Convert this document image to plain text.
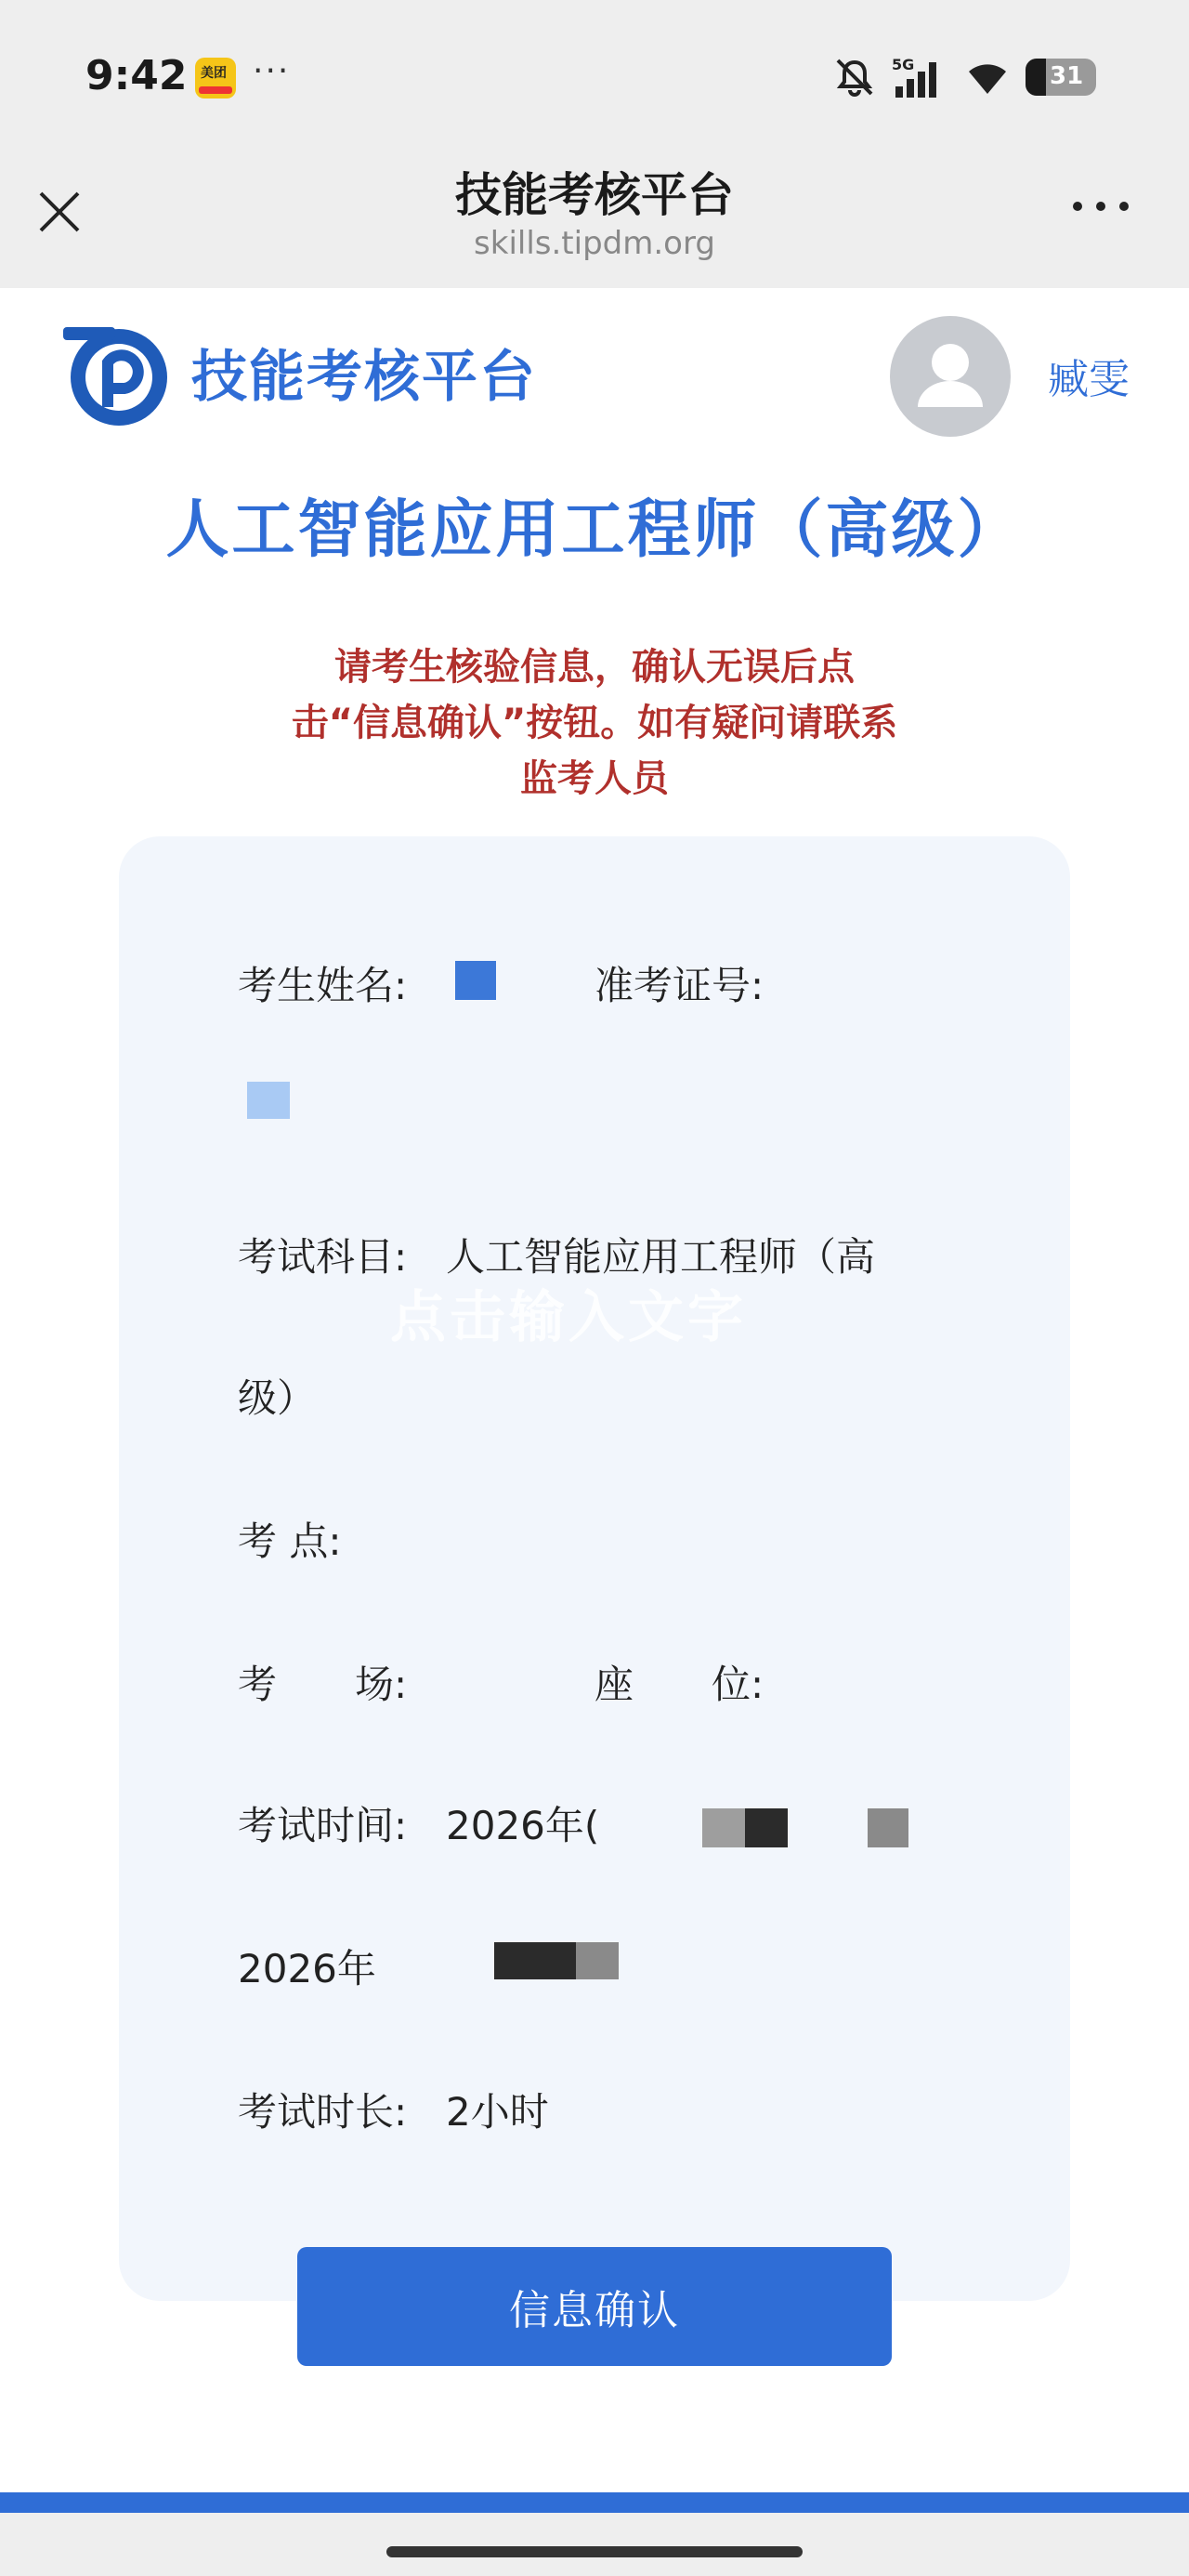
9:42 美团 ···	5G	31
技能考核平台
skills.tipdm.org
技能考核平台	臧雯
人工智能应用工程师（高级）
请考生核验信息，确认无误后点击“信息确认”按钮。如有疑问请联系监考人员
考生姓名:	准考证号:
考试科目: 人工智能应用工程师（高
级）
考 点:
考　　场:	座　　位:
考试时间: 2026年(
2026年
考试时长: 2小时
点击输入文字
信息确认
